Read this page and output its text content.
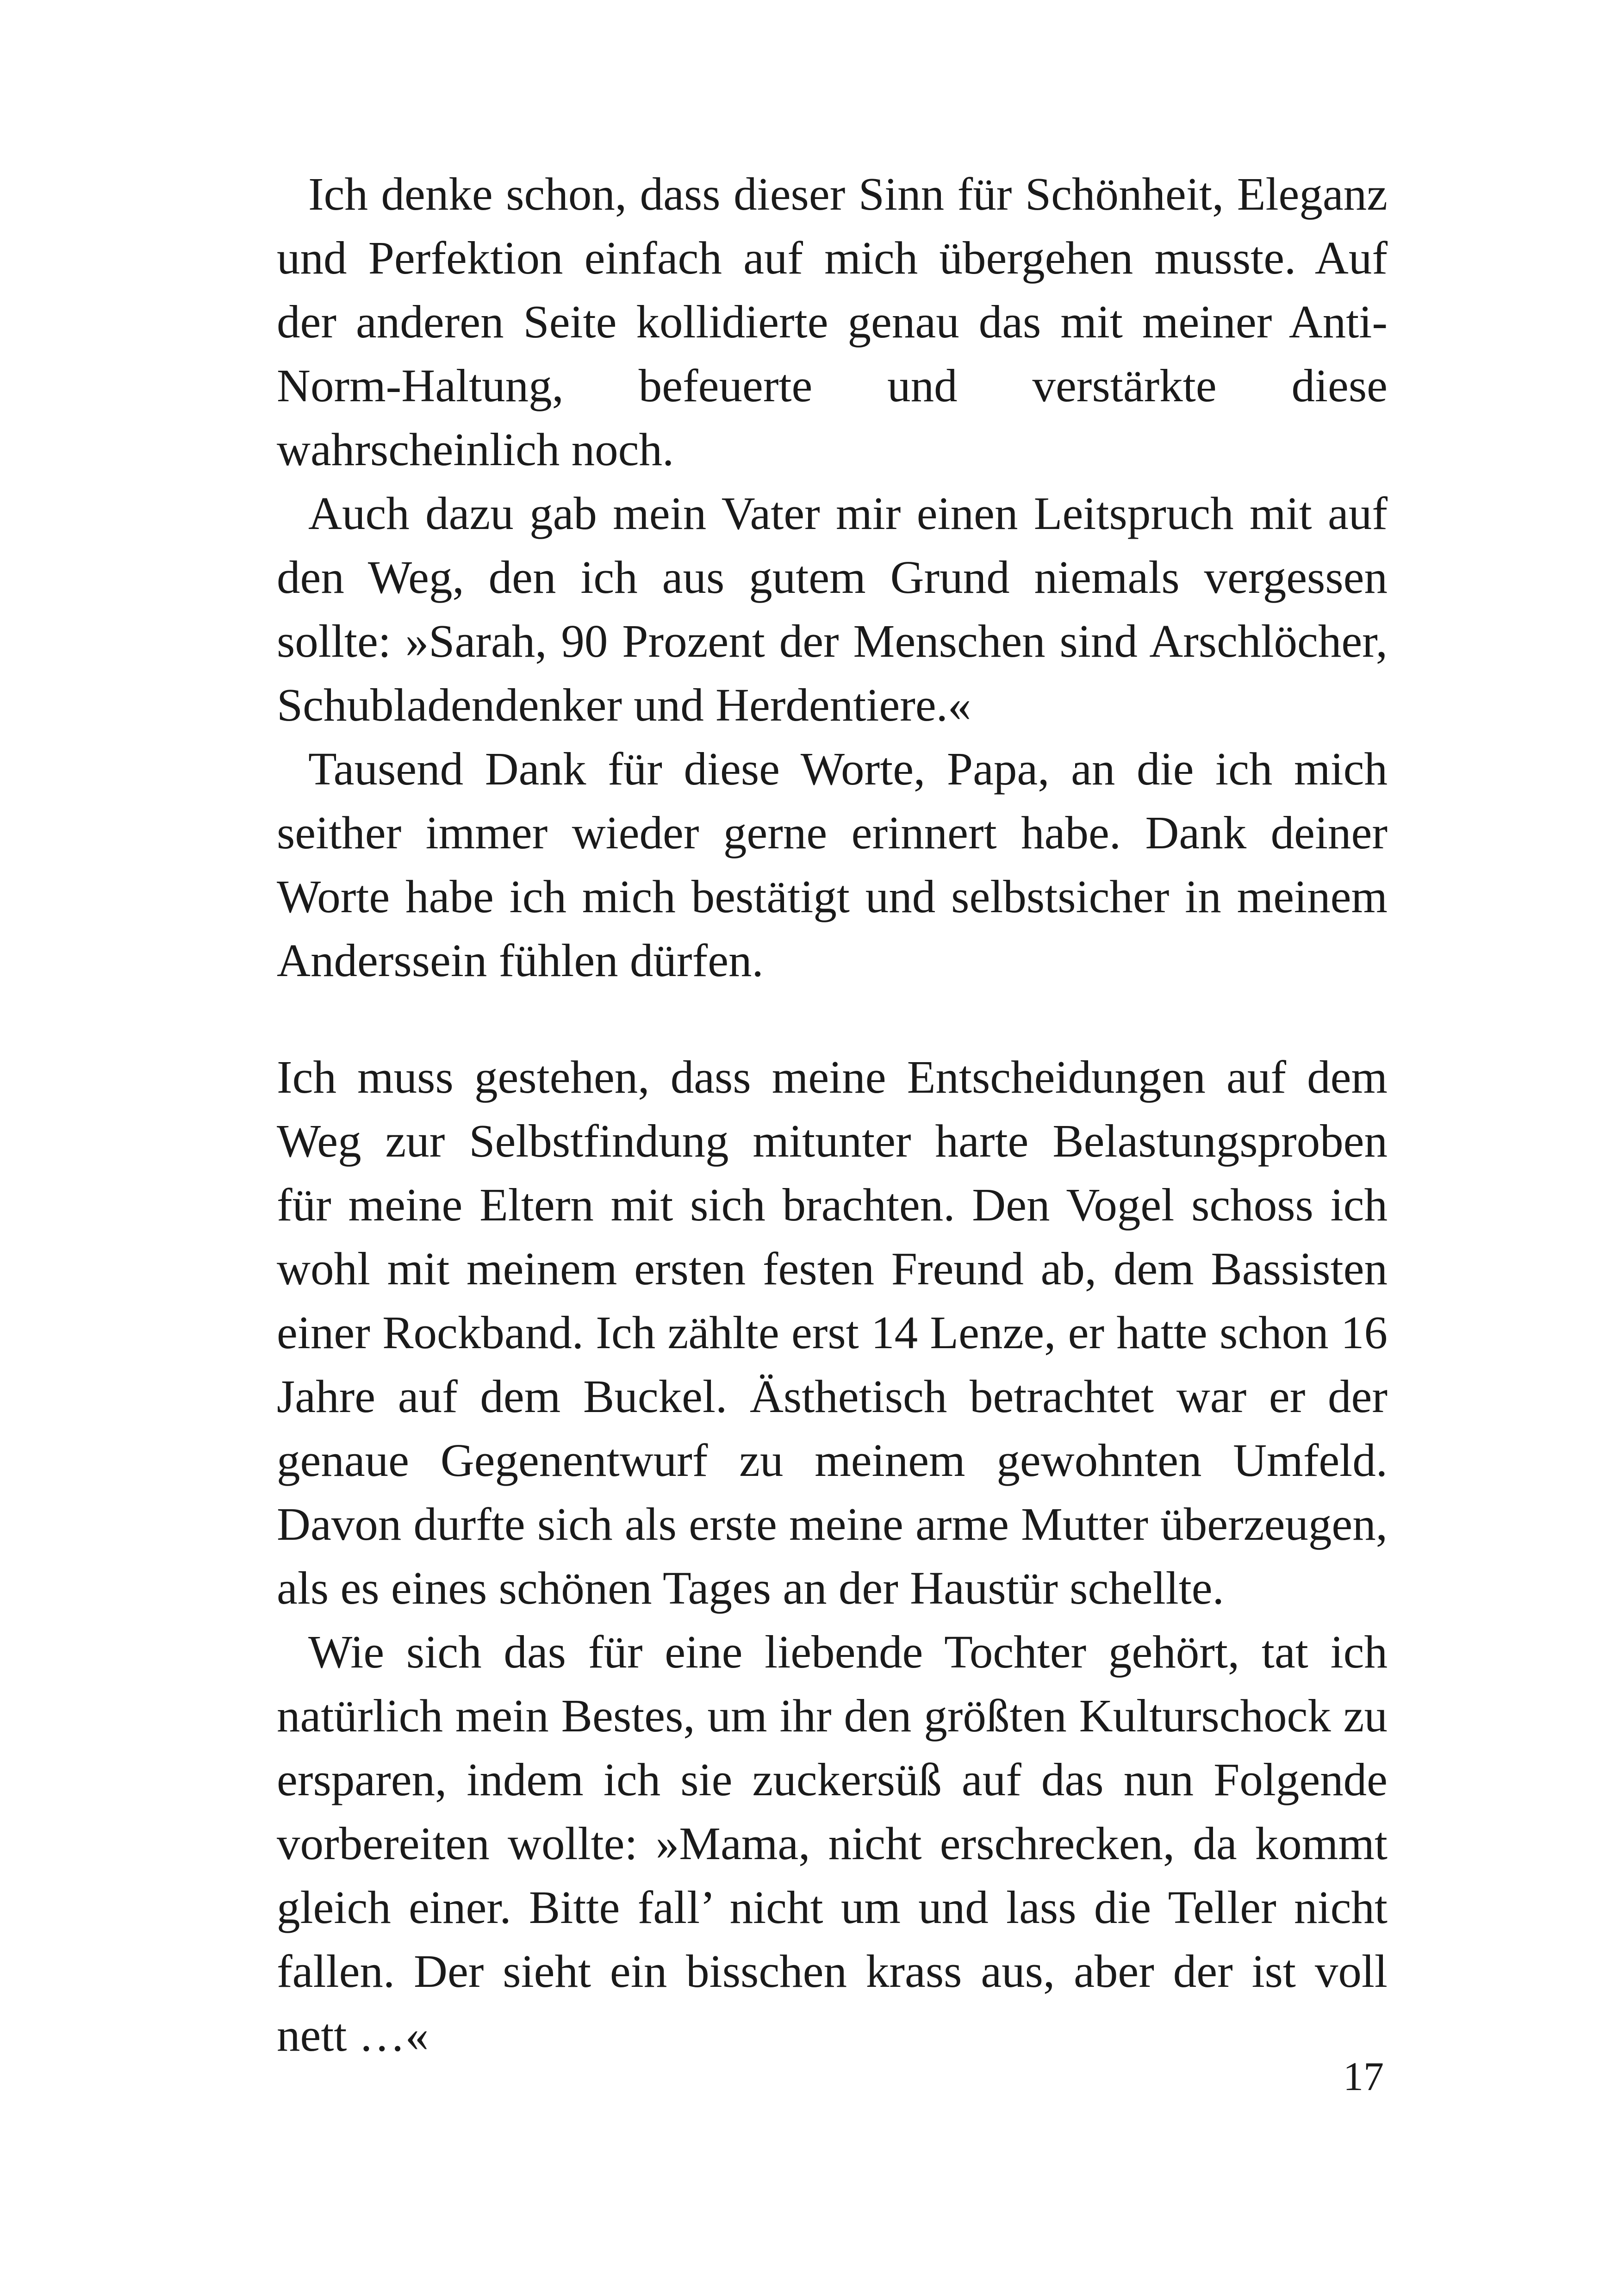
Ich denke schon, dass dieser Sinn für Schönheit, Eleganz und Perfektion einfach auf mich übergehen musste. Auf der anderen Seite kollidierte genau das mit meiner Anti-Norm-Haltung, befeuerte und verstärkte diese wahrscheinlich noch.

Auch dazu gab mein Vater mir einen Leitspruch mit auf den Weg, den ich aus gutem Grund niemals vergessen sollte: »Sarah, 90 Prozent der Menschen sind Arschlöcher, Schubladendenker und Herdentiere.«

Tausend Dank für diese Worte, Papa, an die ich mich seither immer wieder gerne erinnert habe. Dank deiner Worte habe ich mich bestätigt und selbstsicher in meinem Anderssein fühlen dürfen.

Ich muss gestehen, dass meine Entscheidungen auf dem Weg zur Selbstfindung mitunter harte Belastungsproben für meine Eltern mit sich brachten. Den Vogel schoss ich wohl mit meinem ersten festen Freund ab, dem Bassisten einer Rockband. Ich zählte erst 14 Lenze, er hatte schon 16 Jahre auf dem Buckel. Ästhetisch betrachtet war er der genaue Gegenentwurf zu meinem gewohnten Umfeld. Davon durfte sich als erste meine arme Mutter überzeugen, als es eines schönen Tages an der Haustür schellte.

Wie sich das für eine liebende Tochter gehört, tat ich natürlich mein Bestes, um ihr den größten Kulturschock zu ersparen, indem ich sie zuckersüß auf das nun Folgende vorbereiten wollte: »Mama, nicht erschrecken, da kommt gleich einer. Bitte fall’ nicht um und lass die Teller nicht fallen. Der sieht ein bisschen krass aus, aber der ist voll nett …«

17
